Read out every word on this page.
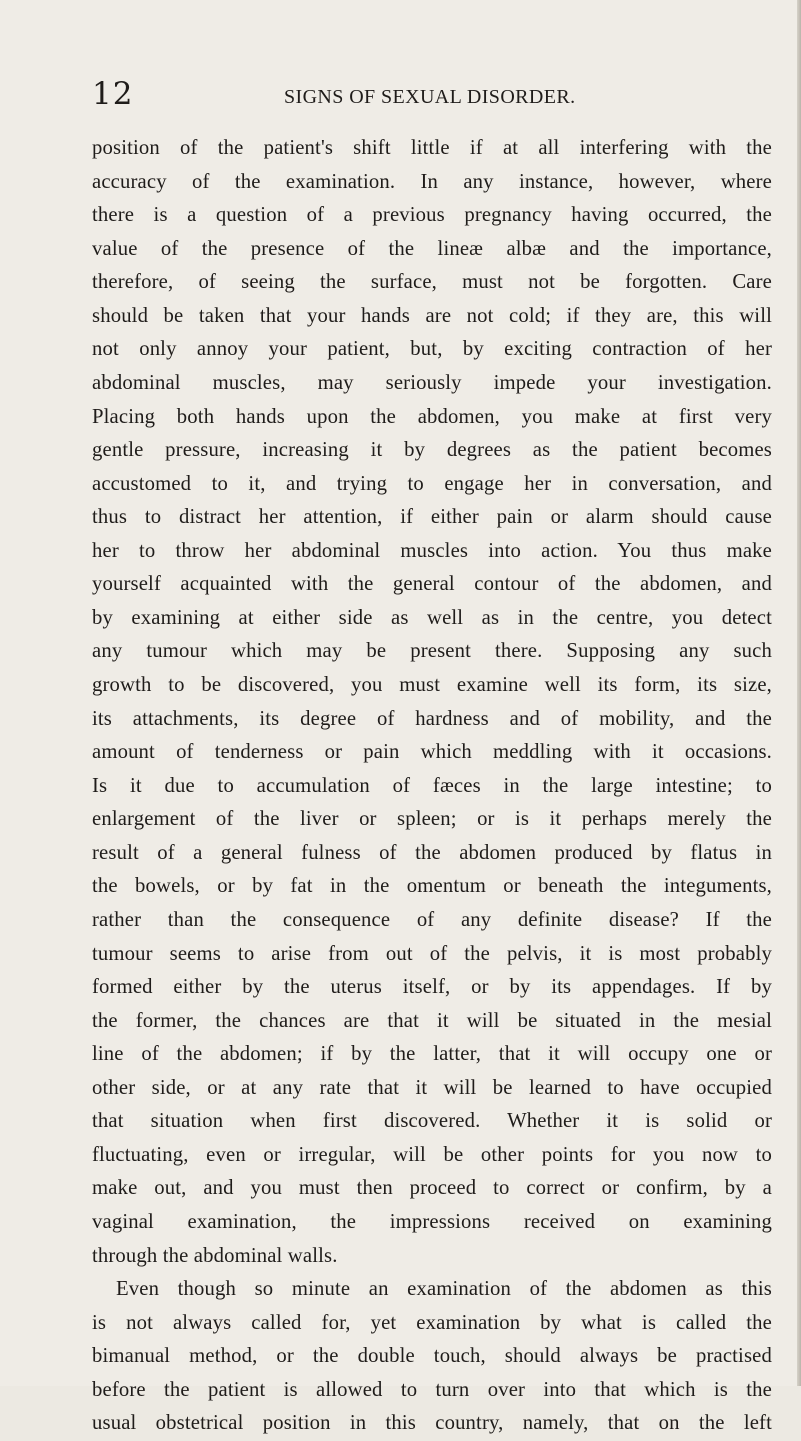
12	SIGNS OF SEXUAL DISORDER.
position of the patient's shift little if at all interfering with the
accuracy of the examination. In any instance, however, where
there is a question of a previous pregnancy having occurred, the
value of the presence of the lineæ albæ and the importance,
therefore, of seeing the surface, must not be forgotten. Care
should be taken that your hands are not cold; if they are, this will
not only annoy your patient, but, by exciting contraction of her
abdominal muscles, may seriously impede your investigation.
Placing both hands upon the abdomen, you make at first very
gentle pressure, increasing it by degrees as the patient becomes
accustomed to it, and trying to engage her in conversation, and
thus to distract her attention, if either pain or alarm should cause
her to throw her abdominal muscles into action. You thus make
yourself acquainted with the general contour of the abdomen, and
by examining at either side as well as in the centre, you detect
any tumour which may be present there. Supposing any such
growth to be discovered, you must examine well its form, its size,
its attachments, its degree of hardness and of mobility, and the
amount of tenderness or pain which meddling with it occasions.
Is it due to accumulation of fæces in the large intestine; to
enlargement of the liver or spleen; or is it perhaps merely the
result of a general fulness of the abdomen produced by flatus in
the bowels, or by fat in the omentum or beneath the integuments,
rather than the consequence of any definite disease? If the
tumour seems to arise from out of the pelvis, it is most probably
formed either by the uterus itself, or by its appendages. If by
the former, the chances are that it will be situated in the mesial
line of the abdomen; if by the latter, that it will occupy one or
other side, or at any rate that it will be learned to have occupied
that situation when first discovered. Whether it is solid or
fluctuating, even or irregular, will be other points for you now to
make out, and you must then proceed to correct or confirm, by a
vaginal examination, the impressions received on examining
through the abdominal walls.
Even though so minute an examination of the abdomen as this
is not always called for, yet examination by what is called the
bimanual method, or the double touch, should always be practised
before the patient is allowed to turn over into that which is the
usual obstetrical position in this country, namely, that on the left
